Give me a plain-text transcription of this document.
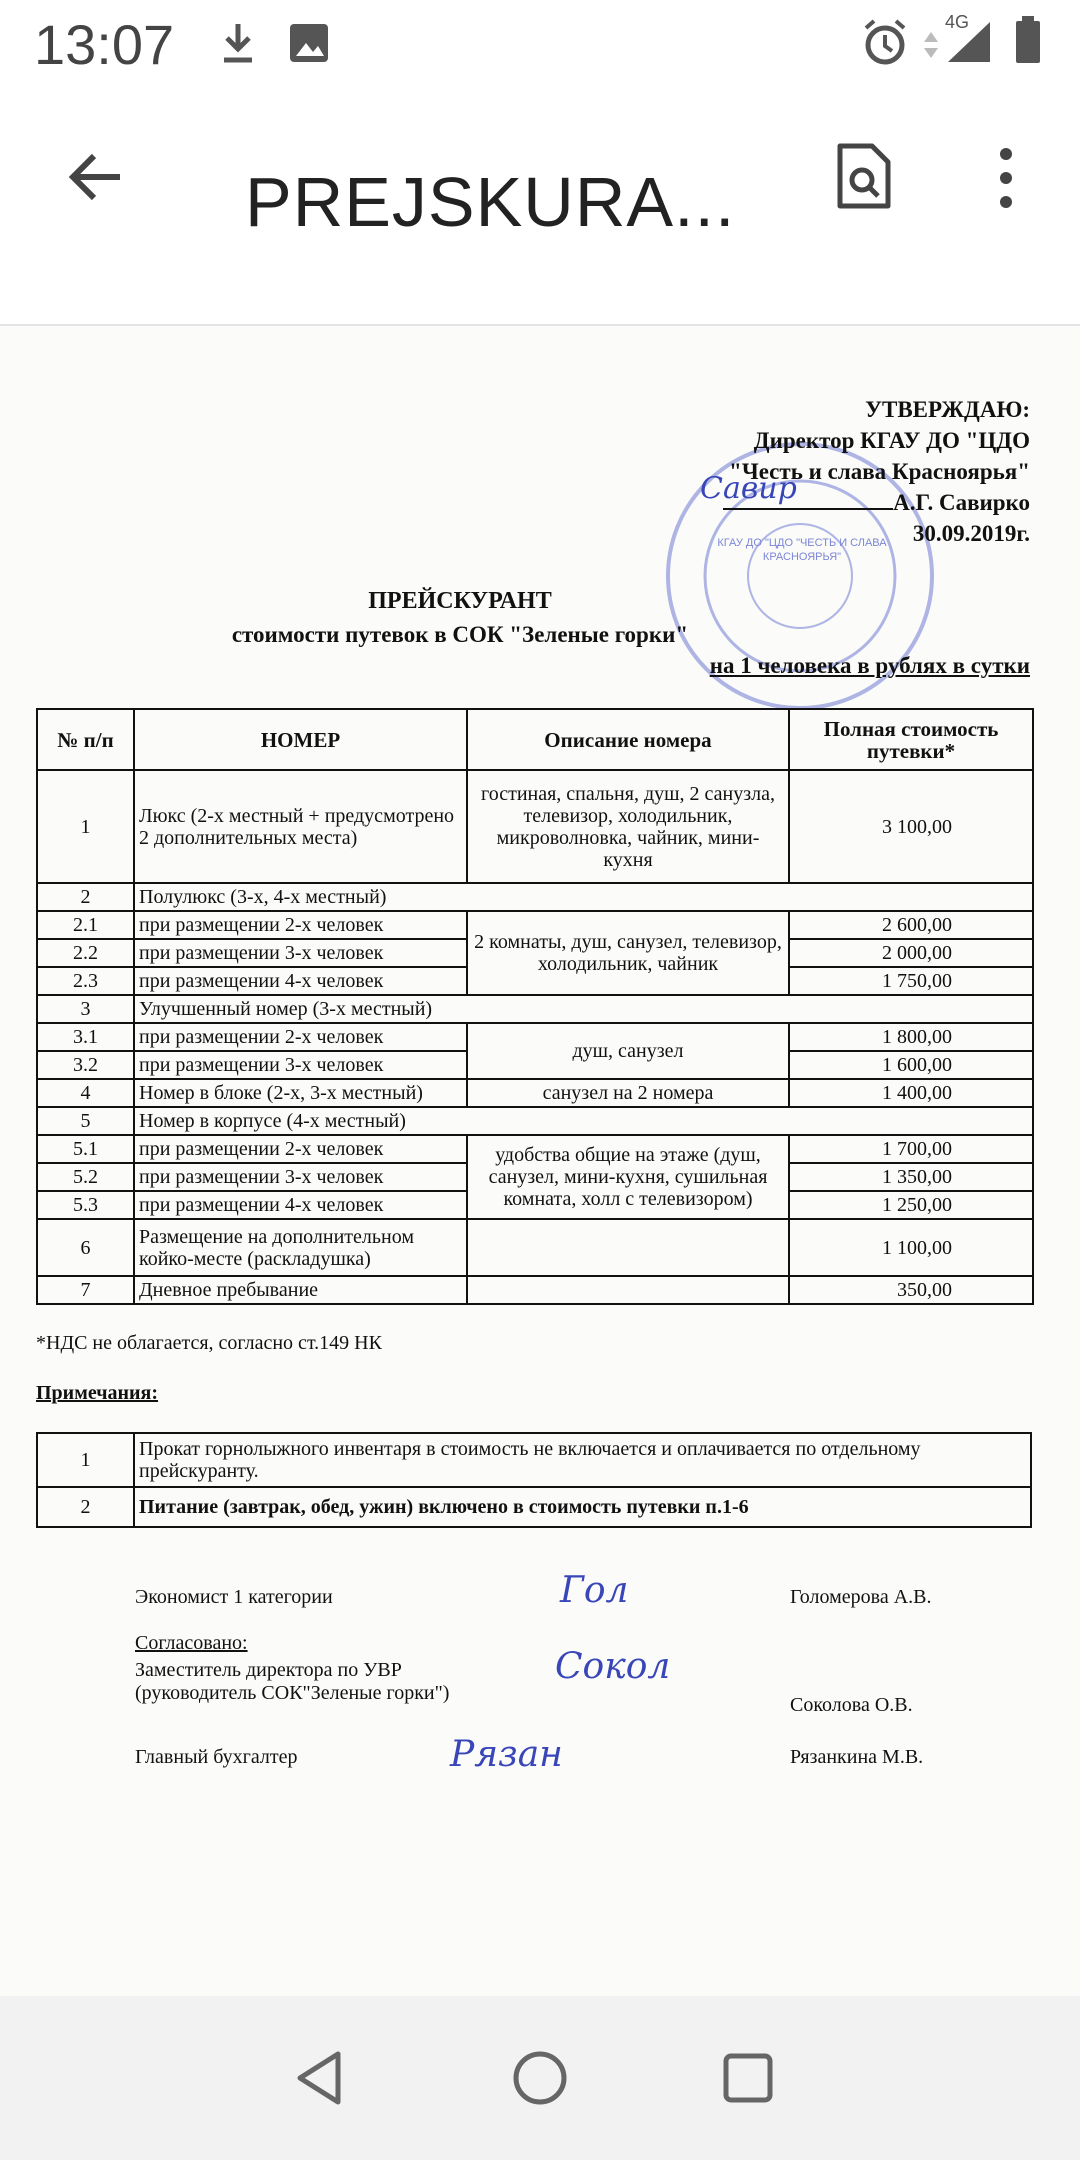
13:07	4G
PREJSKURA...
КГАУ ДО "ЦДО "ЧЕСТЬ И СЛАВА КРАСНОЯРЬЯ"
УТВЕРЖДАЮ:
Директор КГАУ ДО "ЦДО
"Честь и слава Красноярья"
А.Г. Савирко
30.09.2019г.
Савир
ПРЕЙСКУРАНТ
стоимости путевок в СОК "Зеленые горки"
на 1 человека в рублях в сутки
№ п/п	НОМЕР	Описание номера	Полная стоимость путевки*
1	Люкс (2-х местный + предусмотрено 2 дополнительных места)	гостиная, спальня, душ, 2 санузла, телевизор, холодильник, микроволновка, чайник, мини-кухня	3 100,00
2	Полулюкс (3-х, 4-х местный)		
2.1	при размещении 2-х человек	2 комнаты, душ, санузел, телевизор, холодильник, чайник	2 600,00
2.2	при размещении 3-х человек		2 000,00
2.3	при размещении 4-х человек		1 750,00
3	Улучшенный номер (3-х местный)		
3.1	при размещении 2-х человек	душ, санузел	1 800,00
3.2	при размещении 3-х человек		1 600,00
4	Номер в блоке (2-х, 3-х местный)	санузел на 2 номера	1 400,00
5	Номер в корпусе (4-х местный)		
5.1	при размещении 2-х человек	удобства общие на этаже (душ, санузел, мини-кухня, сушильная комната, холл с телевизором)	1 700,00
5.2	при размещении 3-х человек		1 350,00
5.3	при размещении 4-х человек		1 250,00
6	Размещение на дополнительном койко-месте (раскладушка)		1 100,00
7	Дневное пребывание		350,00
*НДС не облагается, согласно ст.149 НК
Примечания:
1	Прокат горнолыжного инвентаря в стоимость не включается и оплачивается по отдельному прейскуранту.
2	Питание (завтрак, обед, ужин) включено в стоимость путевки п.1-6
Экономист 1 категории	Гол	Голомерова А.В.
Согласовано:
Заместитель директора по УВР
(руководитель СОК"Зеленые горки")
Сокол
Соколова О.В.
Главный бухгалтер	Рязан	Рязанкина М.В.
